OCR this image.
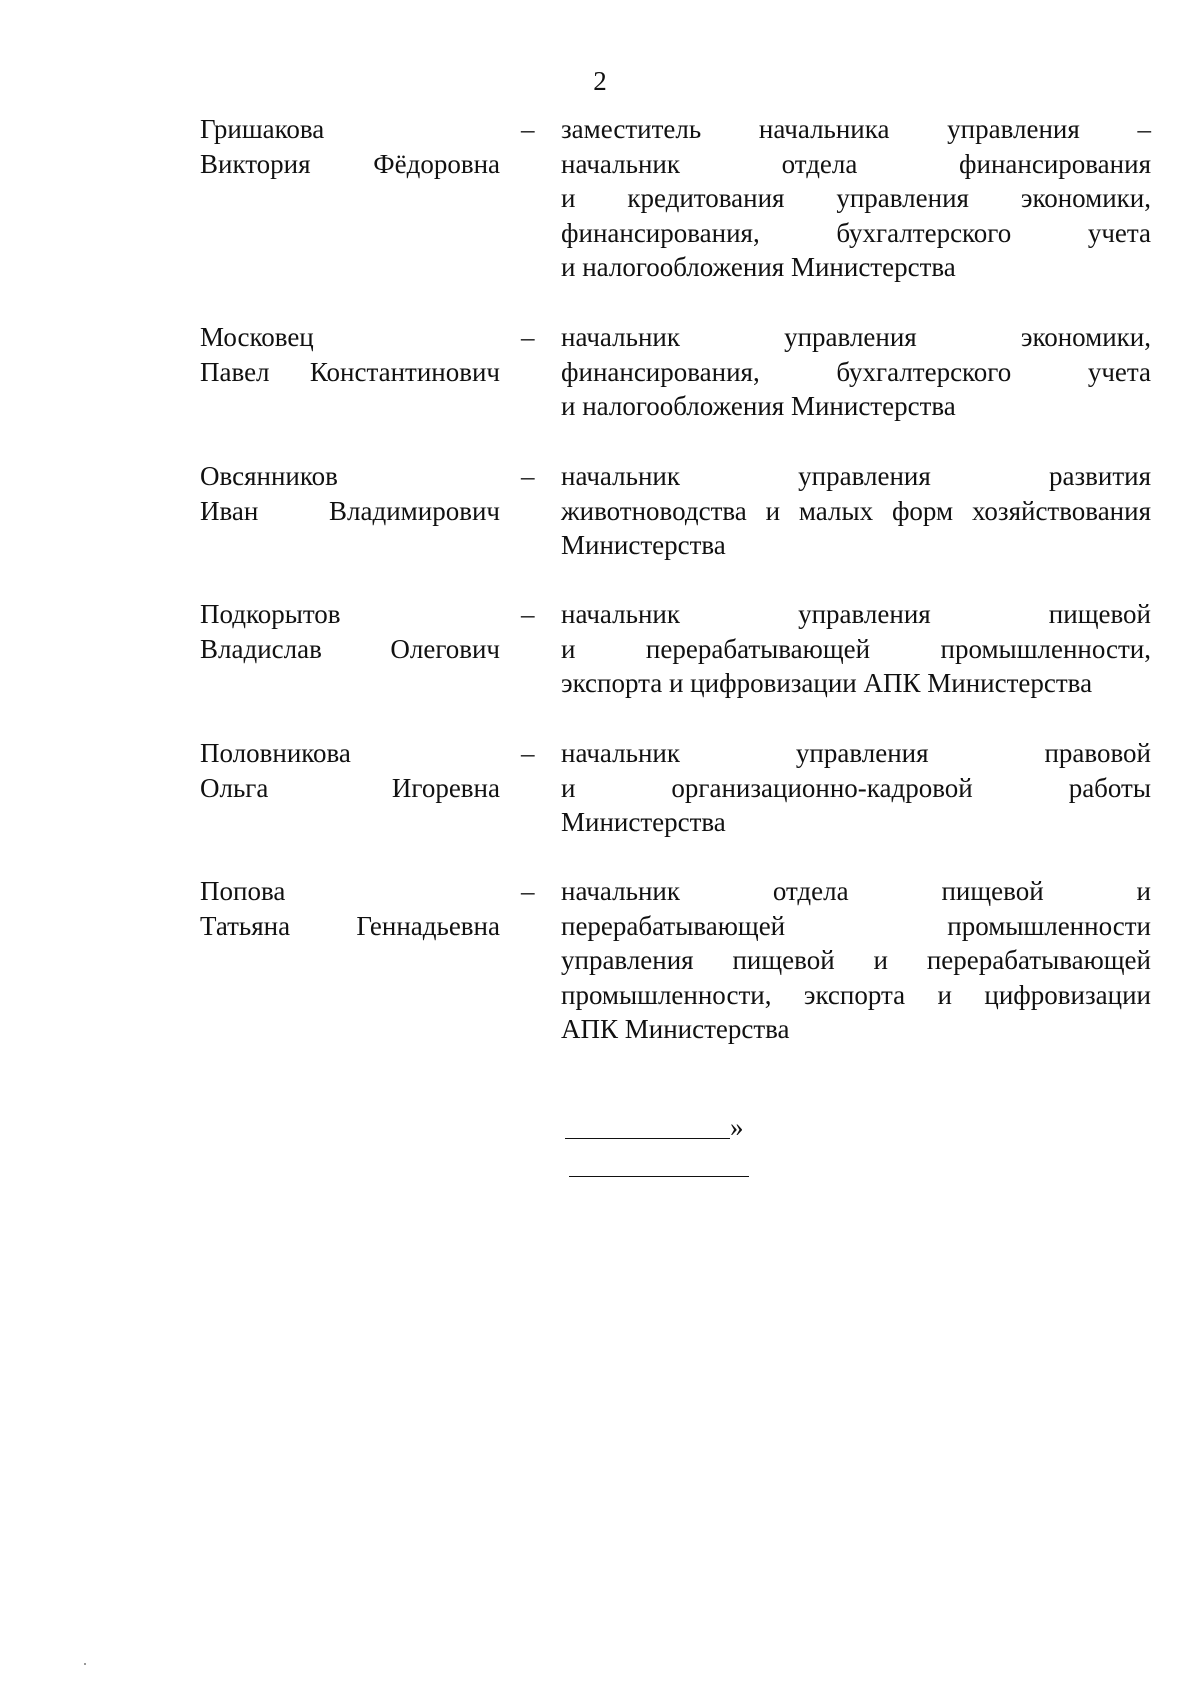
2
Гришакова
Виктория Фёдоровна
– заместитель начальника управления –
начальник отдела финансирования
и кредитования управления экономики,
финансирования, бухгалтерского учета
и налогообложения Министерства
Московец
Павел Константинович
– начальник управления экономики,
финансирования, бухгалтерского учета
и налогообложения Министерства
Овсянников
Иван Владимирович
– начальник управления развития
животноводства и малых форм хозяйствования
Министерства
Подкорытов
Владислав Олегович
– начальник управления пищевой
и перерабатывающей промышленности,
экспорта и цифровизации АПК Министерства
Половникова
Ольга Игоревна
– начальник управления правовой
и организационно-кадровой работы
Министерства
Попова
Татьяна Геннадьевна
– начальник отдела пищевой и
перерабатывающей промышленности
управления пищевой и перерабатывающей
промышленности, экспорта и цифровизации
АПК Министерства
»
